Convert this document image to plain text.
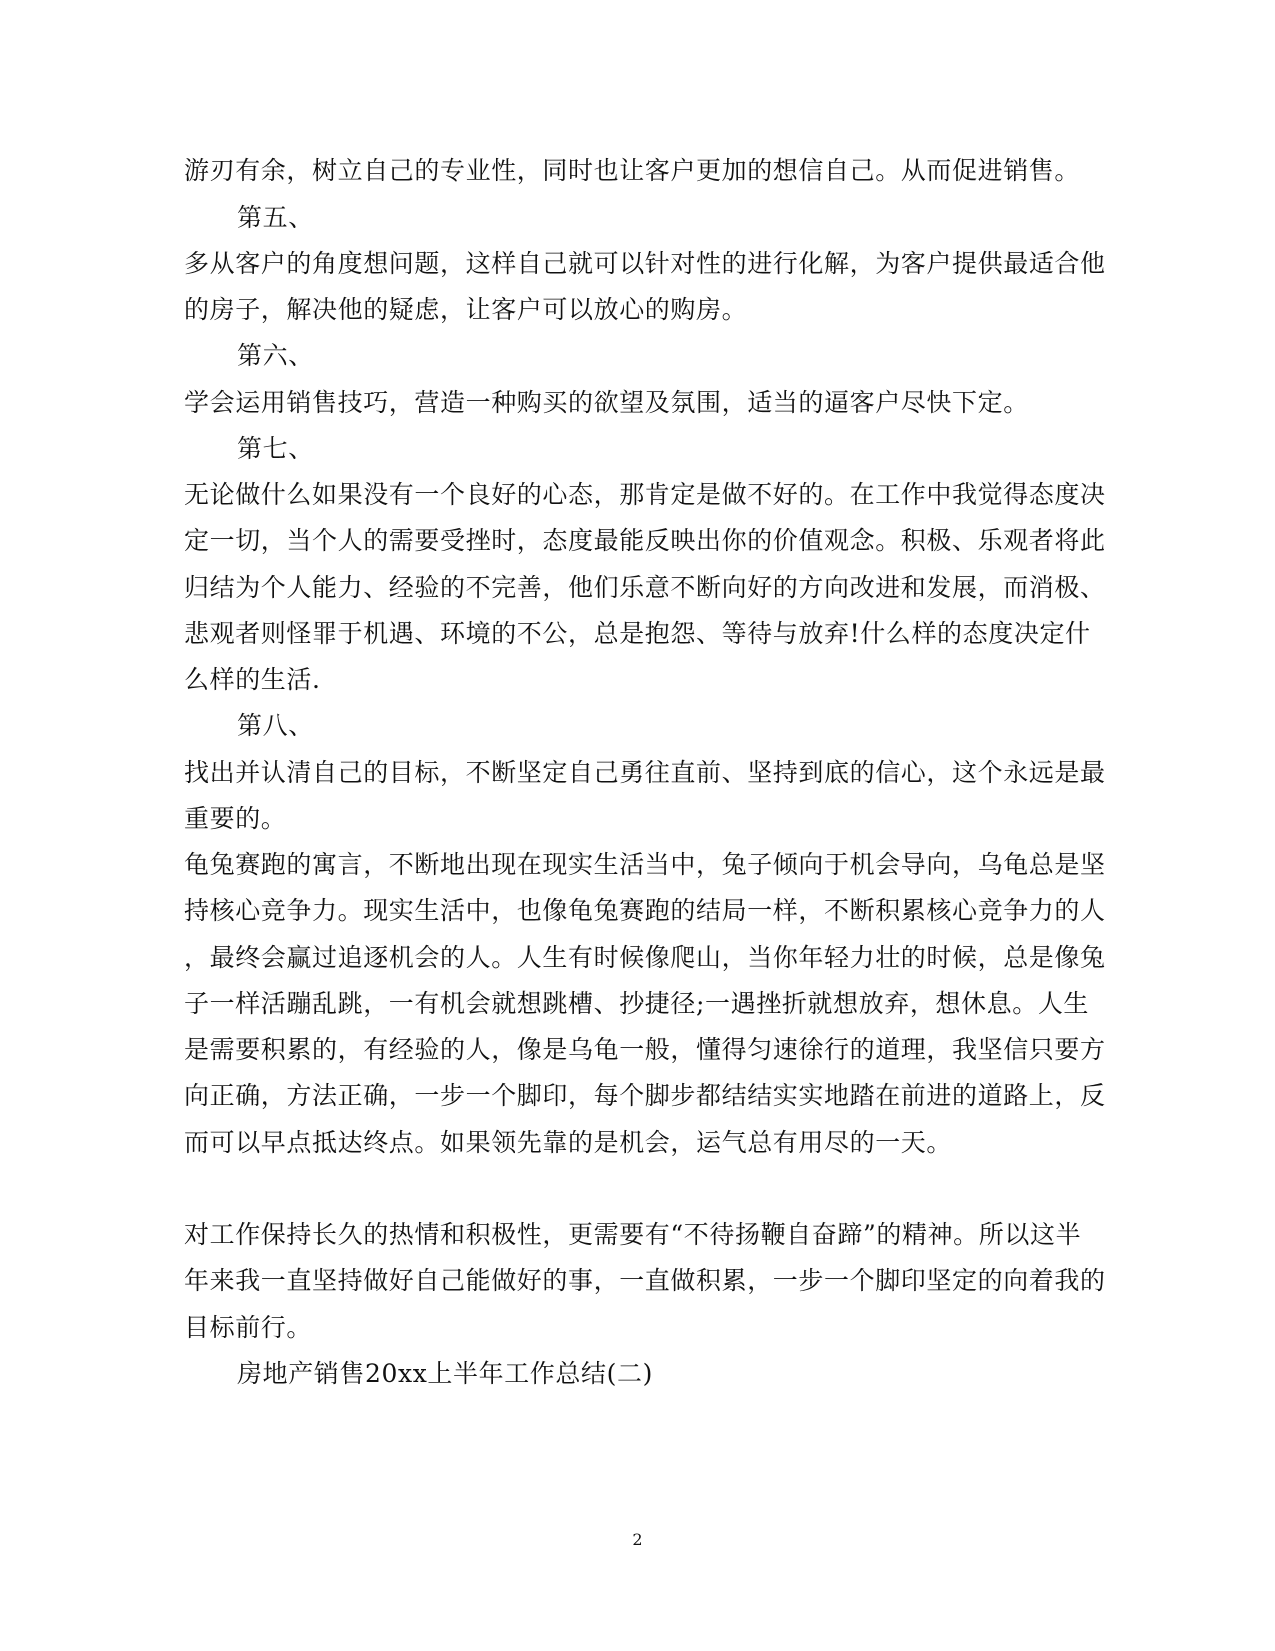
游刃有余，树立自己的专业性，同时也让客户更加的想信自己。从而促进销售。
第五、
多从客户的角度想问题，这样自己就可以针对性的进行化解，为客户提供最适合他
的房子，解决他的疑虑，让客户可以放心的购房。
第六、
学会运用销售技巧，营造一种购买的欲望及氛围，适当的逼客户尽快下定。
第七、
无论做什么如果没有一个良好的心态，那肯定是做不好的。在工作中我觉得态度决
定一切，当个人的需要受挫时，态度最能反映出你的价值观念。积极、乐观者将此
归结为个人能力、经验的不完善，他们乐意不断向好的方向改进和发展，而消极、
悲观者则怪罪于机遇、环境的不公，总是抱怨、等待与放弃!什么样的态度决定什
么样的生活.
第八、
找出并认清自己的目标，不断坚定自己勇往直前、坚持到底的信心，这个永远是最
重要的。
龟兔赛跑的寓言，不断地出现在现实生活当中，兔子倾向于机会导向，乌龟总是坚
持核心竞争力。现实生活中，也像龟兔赛跑的结局一样，不断积累核心竞争力的人
，最终会赢过追逐机会的人。人生有时候像爬山，当你年轻力壮的时候，总是像兔
子一样活蹦乱跳，一有机会就想跳槽、抄捷径;一遇挫折就想放弃，想休息。人生
是需要积累的，有经验的人，像是乌龟一般，懂得匀速徐行的道理，我坚信只要方
向正确，方法正确，一步一个脚印，每个脚步都结结实实地踏在前进的道路上，反
而可以早点抵达终点。如果领先靠的是机会，运气总有用尽的一天。
对工作保持长久的热情和积极性，更需要有“不待扬鞭自奋蹄”的精神。所以这半
年来我一直坚持做好自己能做好的事，一直做积累，一步一个脚印坚定的向着我的
目标前行。
房地产销售20xx上半年工作总结(二)
2
